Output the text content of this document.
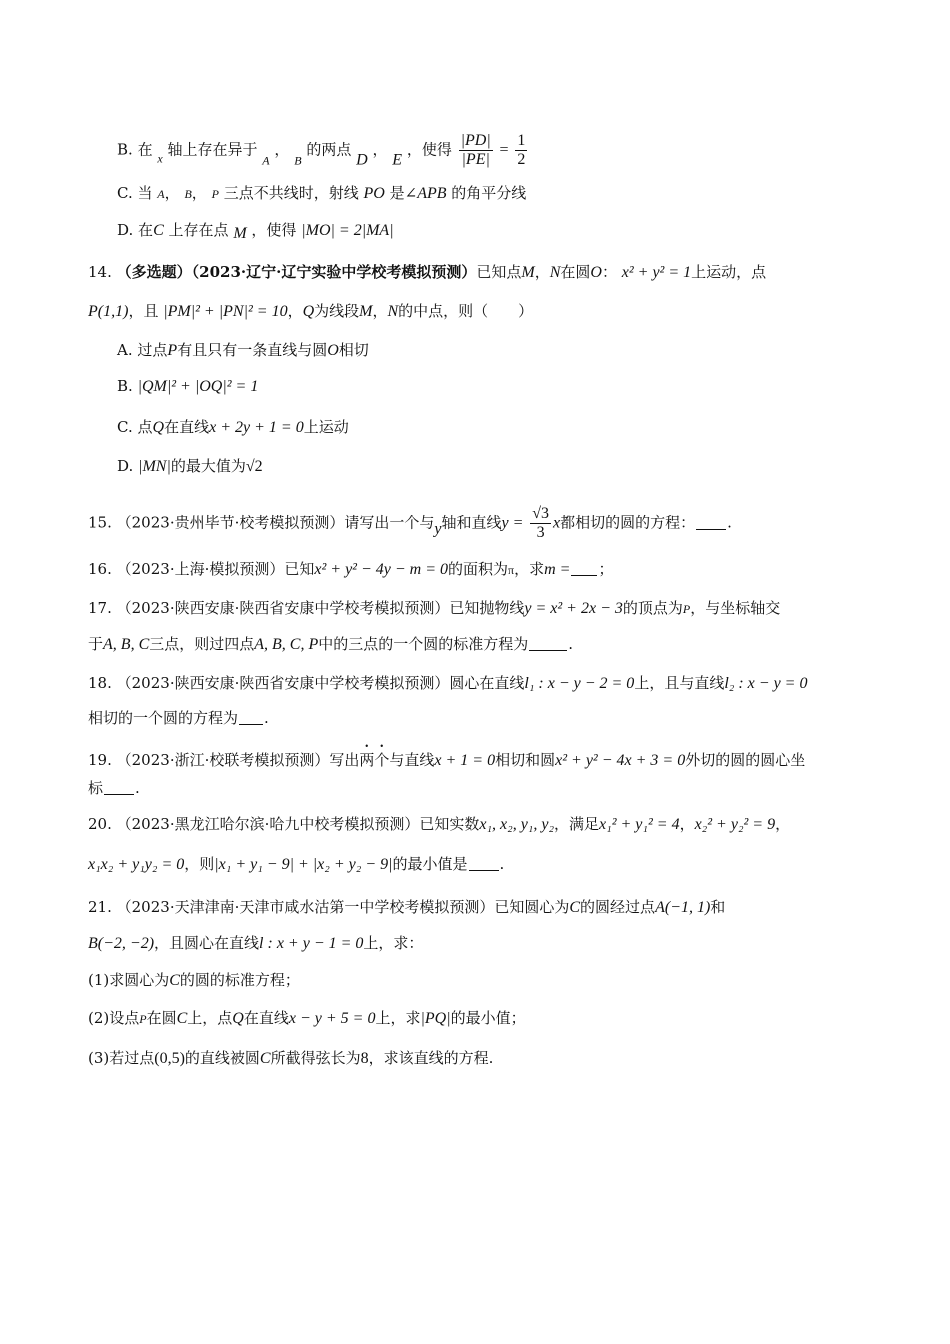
B. 在 $_x$ 轴上存在异于 $_A$ ， $_B$ 的两点 D ， E ，使得 $\frac{|PD|}{|PE|} = \frac{1}{2}$
C. 当 A， B， P 三点不共线时，射线 PO 是∠APB 的角平分线
D. 在C 上存在点 M ，使得 |MO| = 2|MA|
14. （多选题）（2023·辽宁·辽宁实验中学校考模拟预测）已知点M，N在圆O： x² + y² = 1上运动，点
P(1,1)，且 |PM|² + |PN|² = 10，Q为线段M，N的中点，则（　　）
A. 过点P有且只有一条直线与圆O相切
B. |QM|² + |OQ|² = 1
C. 点Q在直线x + 2y + 1 = 0上运动
D. |MN|的最大值为√2
15. （2023·贵州毕节·校考模拟预测）请写出一个与y轴和直线$y = \frac{√3}{3}$ x都相切的圆的方程： .
16. （2023·上海·模拟预测）已知x² + y² − 4y − m = 0的面积为π，求m = ；
17. （2023·陕西安康·陕西省安康中学校考模拟预测）已知抛物线y = x² + 2x − 3的顶点为P，与坐标轴交
于A, B, C三点，则过四点A, B, C, P中的三点的一个圆的标准方程为	.
18. （2023·陕西安康·陕西省安康中学校考模拟预测）圆心在直线l₁ : x − y − 2 = 0上，且与直线l₂ : x − y = 0
相切的一个圆的方程为 .
19. （2023·浙江·校联考模拟预测）写出两个与直线x + 1 = 0相切和圆x² + y² − 4x + 3 = 0外切的圆的圆心坐
标 .
20. （2023·黑龙江哈尔滨·哈九中校考模拟预测）已知实数x₁, x₂, y₁, y₂，满足x₁² + y₁² = 4，x₂² + y₂² = 9，
x₁x₂ + y₁y₂ = 0，则|x₁ + y₁ − 9| + |x₂ + y₂ − 9|的最小值是 .
21. （2023·天津津南·天津市咸水沽第一中学校考模拟预测）已知圆心为C的圆经过点A(−1, 1)和
B(−2, −2)，且圆心在直线l : x + y − 1 = 0上，求：
(1)求圆心为C的圆的标准方程；
(2)设点P在圆C上，点Q在直线x − y + 5 = 0上，求|PQ|的最小值；
(3)若过点(0,5)的直线被圆C所截得弦长为8，求该直线的方程.
